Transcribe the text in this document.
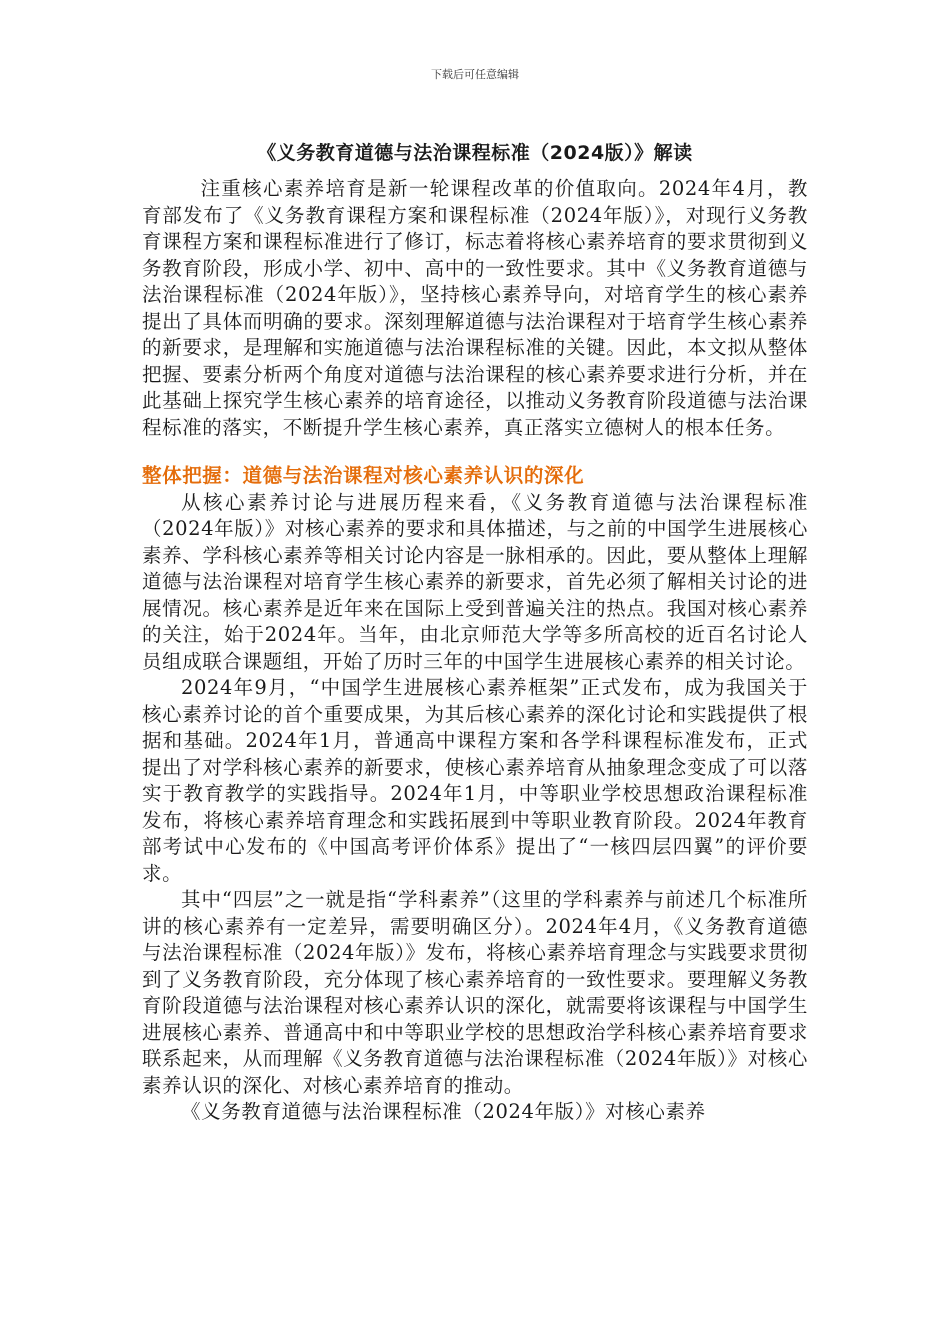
下载后可任意编辑
《义务教育道德与法治课程标准（2024版）》解读

注重核心素养培育是新一轮课程改革的价值取向。2024年4月，教育部发布了《义务教育课程方案和课程标准（2024年版）》，对现行义务教育课程方案和课程标准进行了修订，标志着将核心素养培育的要求贯彻到义务教育阶段，形成小学、初中、高中的一致性要求。其中《义务教育道德与法治课程标准（2024年版）》，坚持核心素养导向，对培育学生的核心素养提出了具体而明确的要求。深刻理解道德与法治课程对于培育学生核心素养的新要求，是理解和实施道德与法治课程标准的关键。因此，本文拟从整体把握、要素分析两个角度对道德与法治课程的核心素养要求进行分析，并在此基础上探究学生核心素养的培育途径，以推动义务教育阶段道德与法治课程标准的落实，不断提升学生核心素养，真正落实立德树人的根本任务。

整体把握：道德与法治课程对核心素养认识的深化

从核心素养讨论与进展历程来看，《义务教育道德与法治课程标准（2024年版）》对核心素养的要求和具体描述，与之前的中国学生进展核心素养、学科核心素养等相关讨论内容是一脉相承的。因此，要从整体上理解道德与法治课程对培育学生核心素养的新要求，首先必须了解相关讨论的进展情况。核心素养是近年来在国际上受到普遍关注的热点。我国对核心素养的关注，始于2024年。当年，由北京师范大学等多所高校的近百名讨论人员组成联合课题组，开始了历时三年的中国学生进展核心素养的相关讨论。

2024年9月，“中国学生进展核心素养框架”正式发布，成为我国关于核心素养讨论的首个重要成果，为其后核心素养的深化讨论和实践提供了根据和基础。2024年1月，普通高中课程方案和各学科课程标准发布，正式提出了对学科核心素养的新要求，使核心素养培育从抽象理念变成了可以落实于教育教学的实践指导。2024年1月，中等职业学校思想政治课程标准发布，将核心素养培育理念和实践拓展到中等职业教育阶段。2024年教育部考试中心发布的《中国高考评价体系》提出了“一核四层四翼”的评价要求。

其中“四层”之一就是指“学科素养”（这里的学科素养与前述几个标准所讲的核心素养有一定差异，需要明确区分）。2024年4月，《义务教育道德与法治课程标准（2024年版）》发布，将核心素养培育理念与实践要求贯彻到了义务教育阶段，充分体现了核心素养培育的一致性要求。要理解义务教育阶段道德与法治课程对核心素养认识的深化，就需要将该课程与中国学生进展核心素养、普通高中和中等职业学校的思想政治学科核心素养培育要求联系起来，从而理解《义务教育道德与法治课程标准（2024年版）》对核心素养认识的深化、对核心素养培育的推动。

《义务教育道德与法治课程标准（2024年版）》对核心素养
